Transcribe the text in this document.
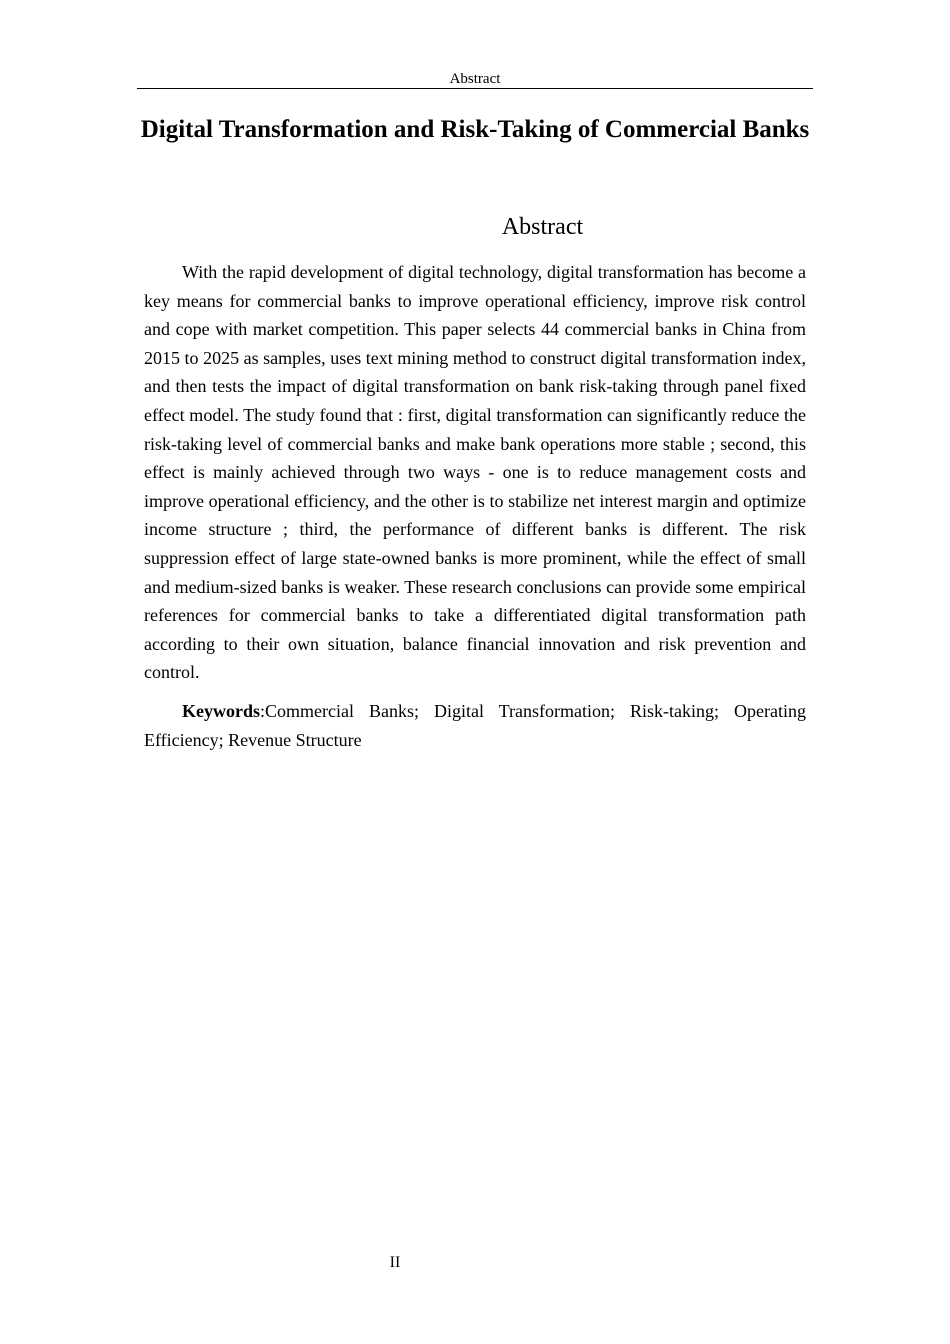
Abstract
Digital Transformation and Risk-Taking of Commercial Banks
Abstract

With the rapid development of digital technology, digital transformation has become a key means for commercial banks to improve operational efficiency, improve risk control and cope with market competition. This paper selects 44 commercial banks in China from 2015 to 2025 as samples, uses text mining method to construct digital transformation index, and then tests the impact of digital transformation on bank risk-taking through panel fixed effect model. The study found that : first, digital transformation can significantly reduce the risk-taking level of commercial banks and make bank operations more stable ; second, this effect is mainly achieved through two ways - one is to reduce management costs and improve operational efficiency, and the other is to stabilize net interest margin and optimize income structure ; third, the performance of different banks is different. The risk suppression effect of large state-owned banks is more prominent, while the effect of small and medium-sized banks is weaker. These research conclusions can provide some empirical references for commercial banks to take a differentiated digital transformation path according to their own situation, balance financial innovation and risk prevention and control.

Keywords:Commercial Banks; Digital Transformation; Risk-taking; Operating Efficiency; Revenue Structure

II
